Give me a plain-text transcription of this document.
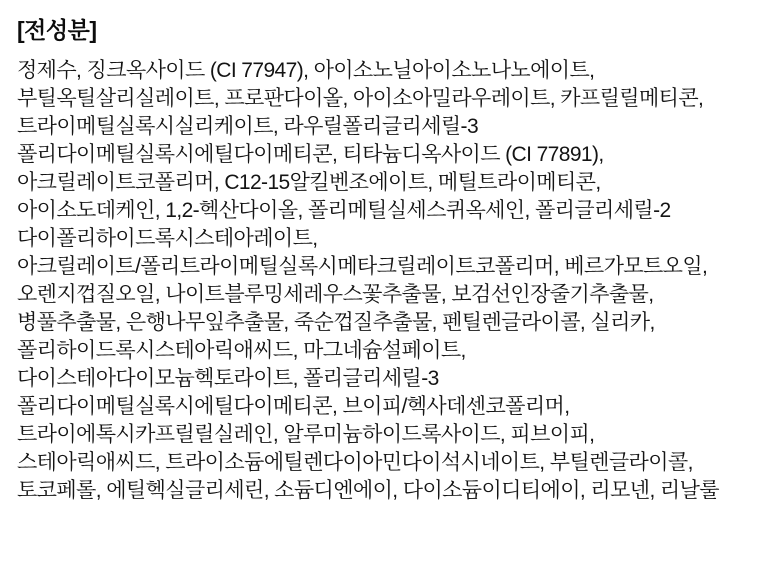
[전성분]
정제수, 징크옥사이드 (CI 77947), 아이소노닐아이소노나노에이트,
부틸옥틸살리실레이트, 프로판다이올, 아이소아밀라우레이트, 카프릴릴메티콘,
트라이메틸실록시실리케이트, 라우릴폴리글리세릴-3
폴리다이메틸실록시에틸다이메티콘, 티타늄디옥사이드 (CI 77891),
아크릴레이트코폴리머, C12-15알킬벤조에이트, 메틸트라이메티콘,
아이소도데케인, 1,2-헥산다이올, 폴리메틸실세스퀴옥세인, 폴리글리세릴-2
다이폴리하이드록시스테아레이트,
아크릴레이트/폴리트라이메틸실록시메타크릴레이트코폴리머, 베르가모트오일,
오렌지껍질오일, 나이트블루밍세레우스꽃추출물, 보검선인장줄기추출물,
병풀추출물, 은행나무잎추출물, 죽순껍질추출물, 펜틸렌글라이콜, 실리카,
폴리하이드록시스테아릭애씨드, 마그네슘설페이트,
다이스테아다이모늄헥토라이트, 폴리글리세릴-3
폴리다이메틸실록시에틸다이메티콘, 브이피/헥사데센코폴리머,
트라이에톡시카프릴릴실레인, 알루미늄하이드록사이드, 피브이피,
스테아릭애씨드, 트라이소듐에틸렌다이아민다이석시네이트, 부틸렌글라이콜,
토코페롤, 에틸헥실글리세린, 소듐디엔에이, 다이소듐이디티에이, 리모넨, 리날룰
